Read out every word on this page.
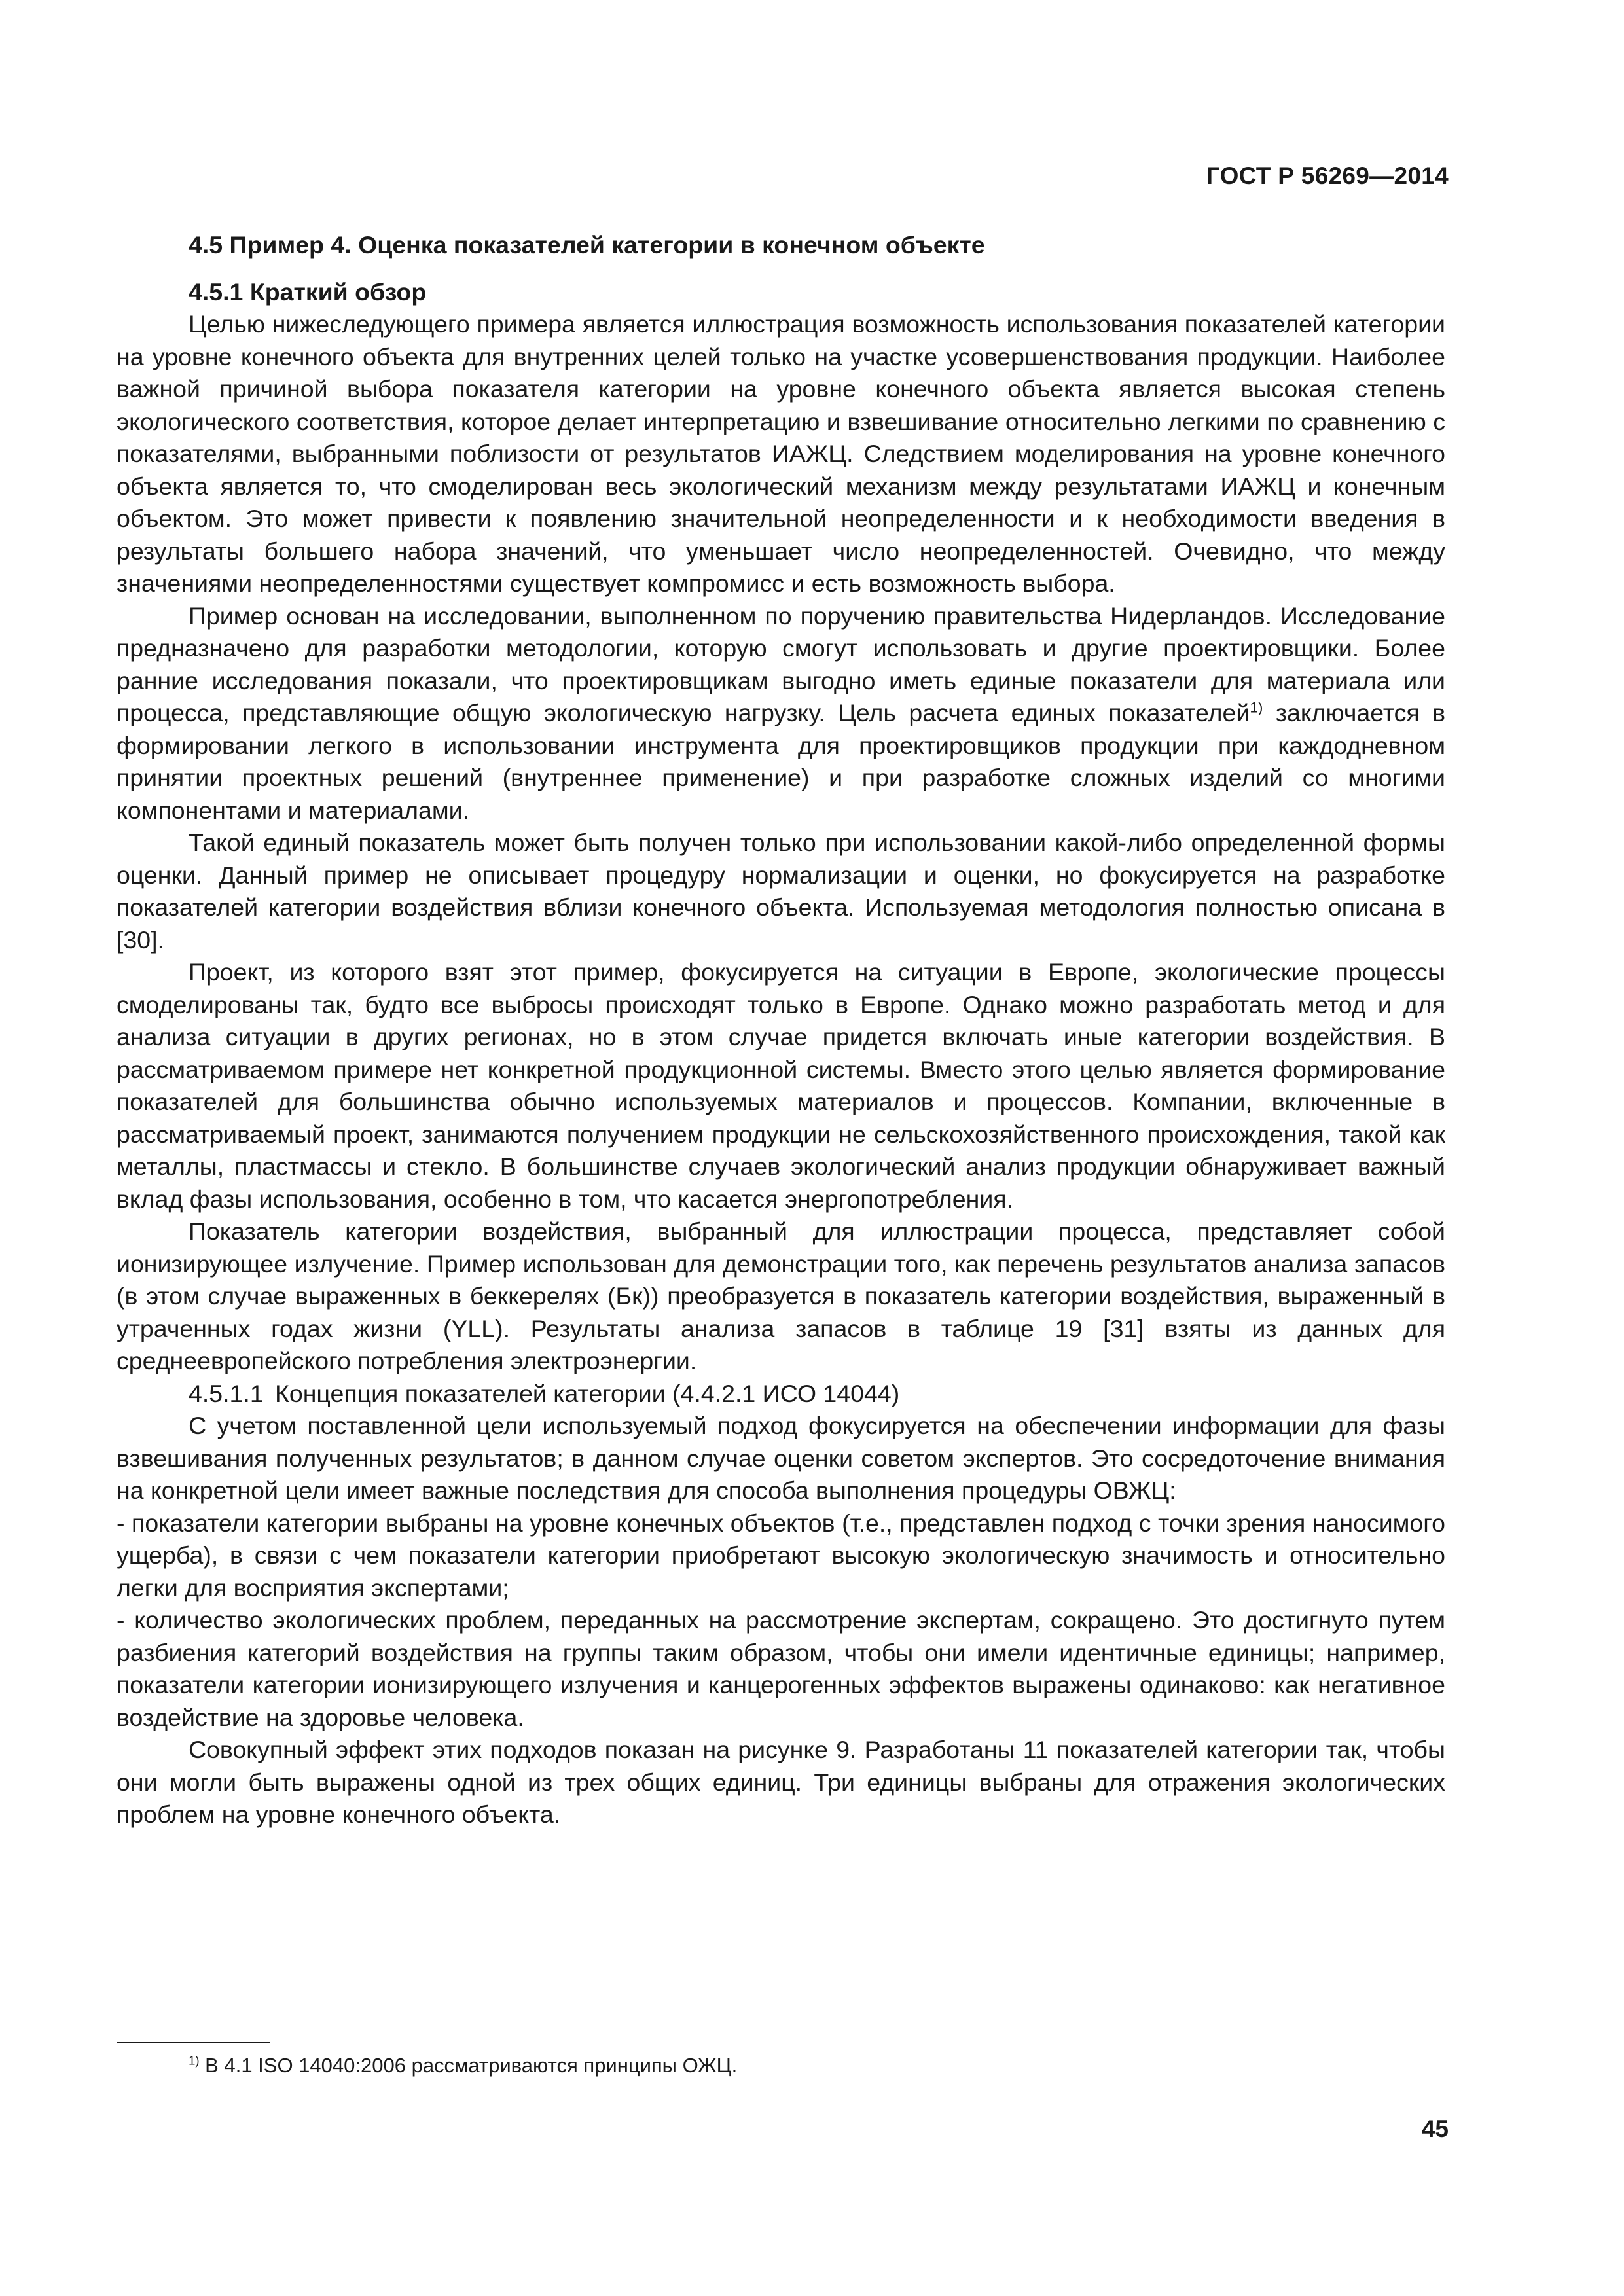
ГОСТ Р 56269—2014
4.5 Пример 4. Оценка показателей категории в конечном объекте
4.5.1 Краткий обзор

Целью нижеследующего примера является иллюстрация возможность использования показателей категории на уровне конечного объекта для внутренних целей только на участке усовершенствования продукции. Наиболее важной причиной выбора показателя категории на уровне конечного объекта является высокая степень экологического соответствия, которое делает интерпретацию и взвешивание относительно легкими по сравнению с показателями, выбранными поблизости от результатов ИАЖЦ. Следствием моделирования на уровне конечного объекта является то, что смоделирован весь экологический механизм между результатами ИАЖЦ и конечным объектом. Это может привести к появлению значительной неопределенности и к необходимости введения в результаты большего набора значений, что уменьшает число неопределенностей. Очевидно, что между значениями неопределенностями существует компромисс и есть возможность выбора.

Пример основан на исследовании, выполненном по поручению правительства Нидерландов. Исследование предназначено для разработки методологии, которую смогут использовать и другие проектировщики. Более ранние исследования показали, что проектировщикам выгодно иметь единые показатели для материала или процесса, представляющие общую экологическую нагрузку. Цель расчета единых показателей$^{1)}$ заключается в формировании легкого в использовании инструмента для проектировщиков продукции при каждодневном принятии проектных решений (внутреннее применение) и при разработке сложных изделий со многими компонентами и материалами.

Такой единый показатель может быть получен только при использовании какой-либо определенной формы оценки. Данный пример не описывает процедуру нормализации и оценки, но фокусируется на разработке показателей категории воздействия вблизи конечного объекта. Используемая методология полностью описана в [30].

Проект, из которого взят этот пример, фокусируется на ситуации в Европе, экологические процессы смоделированы так, будто все выбросы происходят только в Европе. Однако можно разработать метод и для анализа ситуации в других регионах, но в этом случае придется включать иные категории воздействия. В рассматриваемом примере нет конкретной продукционной системы. Вместо этого целью является формирование показателей для большинства обычно используемых материалов и процессов. Компании, включенные в рассматриваемый проект, занимаются получением продукции не сельскохозяйственного происхождения, такой как металлы, пластмассы и стекло. В большинстве случаев экологический анализ продукции обнаруживает важный вклад фазы использования, особенно в том, что касается энергопотребления.

Показатель категории воздействия, выбранный для иллюстрации процесса, представляет собой ионизирующее излучение. Пример использован для демонстрации того, как перечень результатов анализа запасов (в этом случае выраженных в беккерелях (Бк)) преобразуется в показатель категории воздействия, выраженный в утраченных годах жизни (YLL). Результаты анализа запасов в таблице 19 [31] взяты из данных для среднеевропейского потребления электроэнергии.

4.5.1.1 Концепция показателей категории (4.4.2.1 ИСО 14044)

С учетом поставленной цели используемый подход фокусируется на обеспечении информации для фазы взвешивания полученных результатов; в данном случае оценки советом экспертов. Это сосредоточение внимания на конкретной цели имеет важные последствия для способа выполнения процедуры ОВЖЦ:

- показатели категории выбраны на уровне конечных объектов (т.е., представлен подход с точки зрения наносимого ущерба), в связи с чем показатели категории приобретают высокую экологическую значимость и относительно легки для восприятия экспертами;

- количество экологических проблем, переданных на рассмотрение экспертам, сокращено. Это достигнуто путем разбиения категорий воздействия на группы таким образом, чтобы они имели идентичные единицы; например, показатели категории ионизирующего излучения и канцерогенных эффектов выражены одинаково: как негативное воздействие на здоровье человека.

Совокупный эффект этих подходов показан на рисунке 9. Разработаны 11 показателей категории так, чтобы они могли быть выражены одной из трех общих единиц. Три единицы выбраны для отражения экологических проблем на уровне конечного объекта.

$^{1)}$ В 4.1 ISO 14040:2006 рассматриваются принципы ОЖЦ.
45
